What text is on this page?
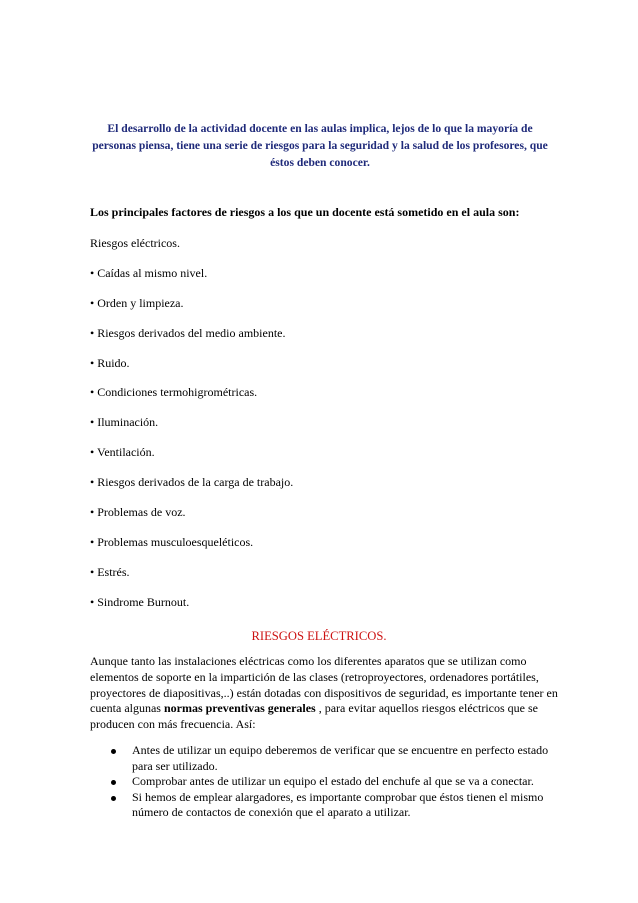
El desarrollo de la actividad docente en las aulas implica, lejos de lo que la mayoría de personas piensa, tiene una serie de riesgos para la seguridad y la salud de los profesores, que éstos deben conocer.
Los principales factores de riesgos a los que un docente está sometido en el aula son:
Riesgos eléctricos.
• Caídas al mismo nivel.
• Orden y limpieza.
• Riesgos derivados del medio ambiente.
• Ruido.
• Condiciones termohigrométricas.
• Iluminación.
• Ventilación.
• Riesgos derivados de la carga de trabajo.
• Problemas de voz.
• Problemas musculoesqueléticos.
• Estrés.
• Sindrome Burnout.
RIESGOS ELÉCTRICOS.
Aunque tanto las instalaciones eléctricas como los diferentes aparatos que se utilizan como elementos de soporte en la impartición de las clases (retroproyectores, ordenadores portátiles, proyectores de diapositivas,..) están dotadas con dispositivos de seguridad, es importante tener en cuenta algunas normas preventivas generales , para evitar aquellos riesgos eléctricos que se producen con más frecuencia. Así:
Antes de utilizar un equipo deberemos de verificar que se encuentre en perfecto estado para ser utilizado.
Comprobar antes de utilizar un equipo el estado del enchufe al que se va a conectar.
Si hemos de emplear alargadores, es importante comprobar que éstos tienen el mismo número de contactos de conexión que el aparato a utilizar.
